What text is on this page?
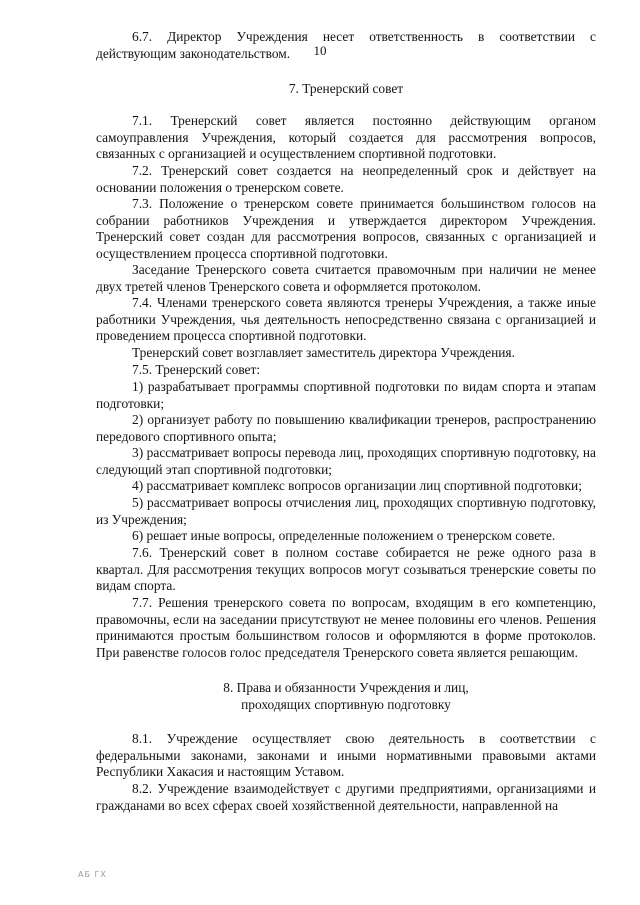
10

6.7. Директор Учреждения несет ответственность в соответствии с действующим законодательством.

7. Тренерский совет

7.1. Тренерский совет является постоянно действующим органом самоуправления Учреждения, который создается для рассмотрения вопросов, связанных с организацией и осуществлением спортивной подготовки.

7.2. Тренерский совет создается на неопределенный срок и действует на основании положения о тренерском совете.

7.3. Положение о тренерском совете принимается большинством голосов на собрании работников Учреждения и утверждается директором Учреждения. Тренерский совет создан для рассмотрения вопросов, связанных с организацией и осуществлением процесса спортивной подготовки.

Заседание Тренерского совета считается правомочным при наличии не менее двух третей членов Тренерского совета и оформляется протоколом.

7.4. Членами тренерского совета являются тренеры Учреждения, а также иные работники Учреждения, чья деятельность непосредственно связана с организацией и проведением процесса спортивной подготовки.

Тренерский совет возглавляет заместитель директора Учреждения.

7.5. Тренерский совет:

1) разрабатывает программы спортивной подготовки по видам спорта и этапам подготовки;

2) организует работу по повышению квалификации тренеров, распространению передового спортивного опыта;

3) рассматривает вопросы перевода лиц, проходящих спортивную подготовку, на следующий этап спортивной подготовки;

4) рассматривает комплекс вопросов организации лиц спортивной подготовки;

5) рассматривает вопросы отчисления лиц, проходящих спортивную подготовку, из Учреждения;

6) решает иные вопросы, определенные положением о тренерском совете.

7.6. Тренерский совет в полном составе собирается не реже одного раза в квартал. Для рассмотрения текущих вопросов могут созываться тренерские советы по видам спорта.

7.7. Решения тренерского совета по вопросам, входящим в его компетенцию, правомочны, если на заседании присутствуют не менее половины его членов. Решения принимаются простым большинством голосов и оформляются в форме протоколов. При равенстве голосов голос председателя Тренерского совета является решающим.

8. Права и обязанности Учреждения и лиц,
проходящих спортивную подготовку

8.1. Учреждение осуществляет свою деятельность в соответствии с федеральными законами, законами и иными нормативными правовыми актами Республики Хакасия и настоящим Уставом.

8.2. Учреждение взаимодействует с другими предприятиями, организациями и гражданами во всех сферах своей хозяйственной деятельности, направленной на

АБ ГХ
